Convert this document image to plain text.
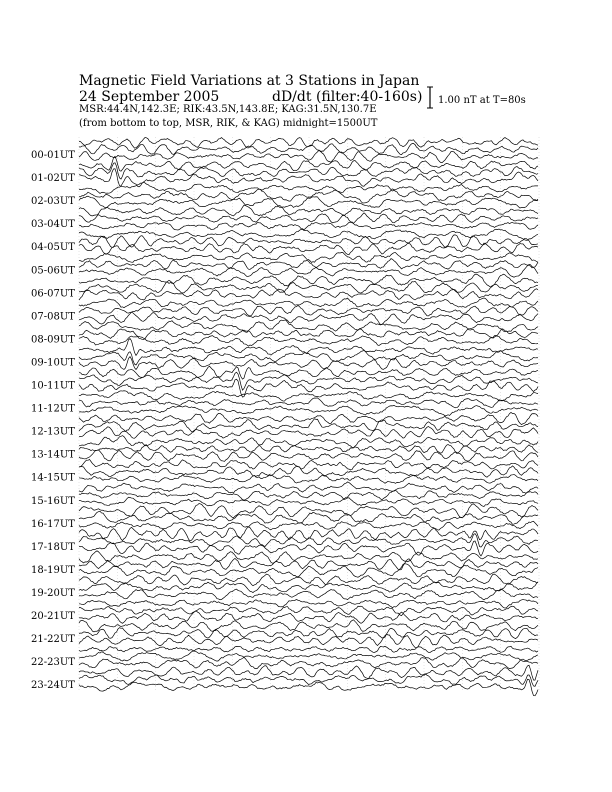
Magnetic Field Variations at 3 Stations in Japan
24 September 2005	dD/dt (filter:40-160s)
MSR:44.4N,142.3E; RIK:43.5N,143.8E; KAG:31.5N,130.7E
(from bottom to top, MSR, RIK, & KAG) midnight=1500UT
1.00 nT at T=80s
00-01UT
01-02UT
02-03UT
03-04UT
04-05UT
05-06UT
06-07UT
07-08UT
08-09UT
09-10UT
10-11UT
11-12UT
12-13UT
13-14UT
14-15UT
15-16UT
16-17UT
17-18UT
18-19UT
19-20UT
20-21UT
21-22UT
22-23UT
23-24UT
